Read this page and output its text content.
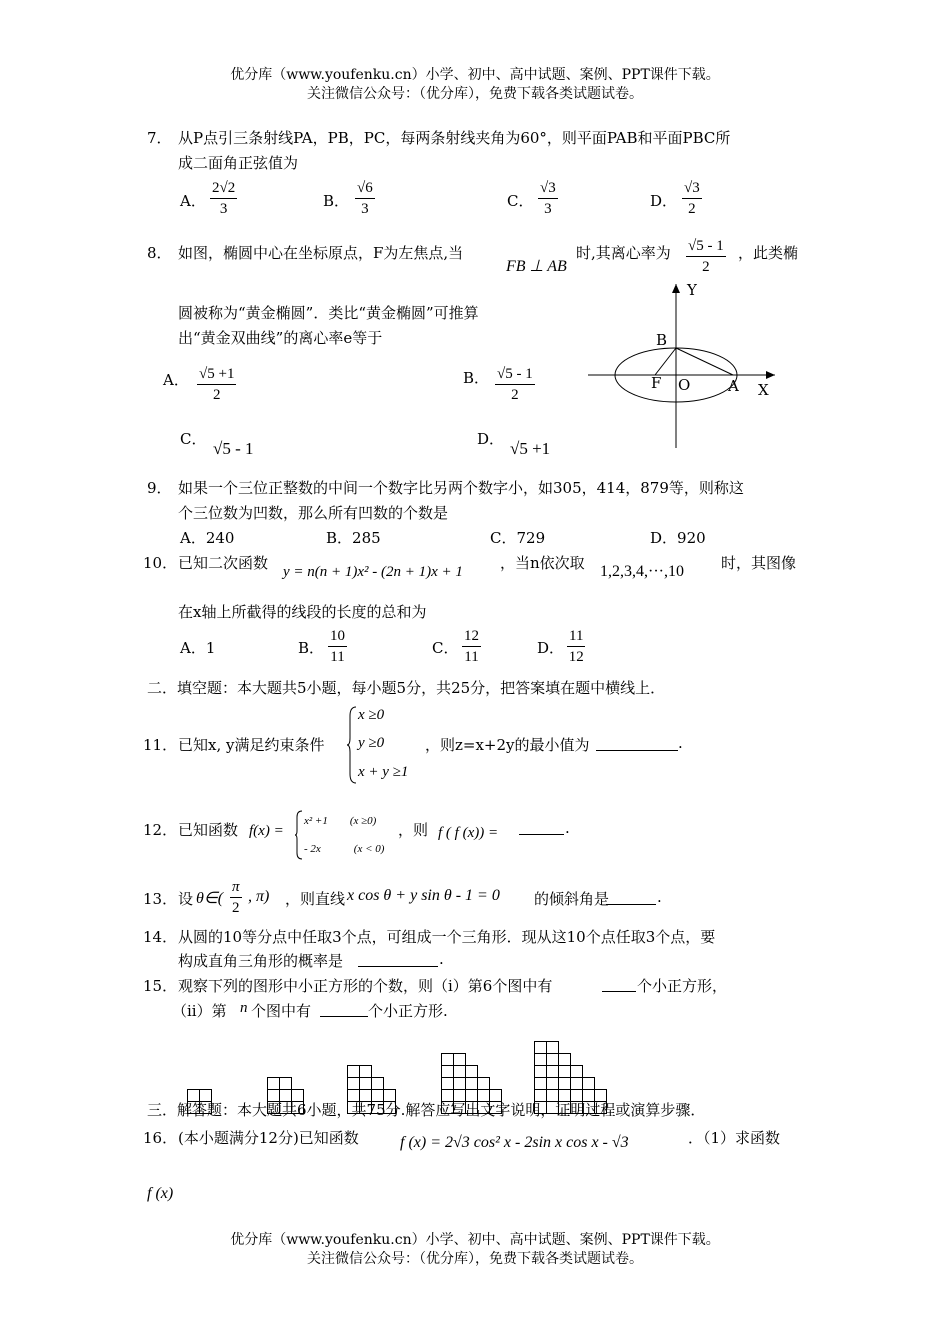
优分库（www.youfenku.cn）小学、初中、高中试题、案例、PPT课件下载。
关注微信公众号：（优分库），免费下载各类试题试卷。
7． 从P点引三条射线PA，PB，PC，每两条射线夹角为60°，则平面PAB和平面PBC所
成二面角正弦值为
A． $\frac{2√2}{3}$	B． $\frac{√6}{3}$	C． $\frac{√3}{3}$	D． $\frac{√3}{2}$
8． 如图，椭圆中心在坐标原点，F为左焦点,当
FB ⊥ AB
时,其离心率为 $\frac{√5 - 1}{2}$ ，此类椭
圆被称为“黄金椭圆”．类比“黄金椭圆”可推算
出“黄金双曲线”的离心率e等于
A． $\frac{√5 +1}{2}$	B． $\frac{√5 - 1}{2}$
C． √5 - 1	D． √5 +1
Y
B
F O	A X
9． 如果一个三位正整数的中间一个数字比另两个数字小，如305，414，879等，则称这
个三位数为凹数，那么所有凹数的个数是
A．240	B．285	C．729	D．920
10． 已知二次函数 y = n(n + 1)x² - (2n + 1)x + 1 ，当n依次取 1,2,3,4,···,10 时，其图像
在x轴上所截得的线段的长度的总和为
A．1	B． $\frac{10}{11}$	C． $\frac{12}{11}$	D． $\frac{11}{12}$
二．填空题：本大题共5小题，每小题5分，共25分，把答案填在题中横线上．
11． 已知x, y满足约束条件
x ≥0
y ≥0
x + y ≥1
，则z=x+2y的最小值为	.
12． 已知函数 f(x) =
x² +1　　(x ≥0)
- 2x　　　(x < 0)
，则 f ( f (x)) =	.
13． 设 θ∈( $\frac{\pi}{2}$ , π) ，则直线 x cos θ + y sin θ - 1 = 0 的倾斜角是	.
14． 从圆的10等分点中任取3个点，可组成一个三角形．现从这10个点任取3个点，要
构成直角三角形的概率是	.
15． 观察下列的图形中小正方形的个数，则（i）第6个图中有	个小正方形，
（ii）第 n 个图中有	个小正方形.
三．解答题：本大题共6小题，共75分.解答应写出文字说明，证明过程或演算步骤．
16． (本小题满分12分)已知函数	f (x) = 2√3 cos² x - 2sin x cos x - √3	．（1）求函数
f (x)
优分库（www.youfenku.cn）小学、初中、高中试题、案例、PPT课件下载。
关注微信公众号：（优分库），免费下载各类试题试卷。
